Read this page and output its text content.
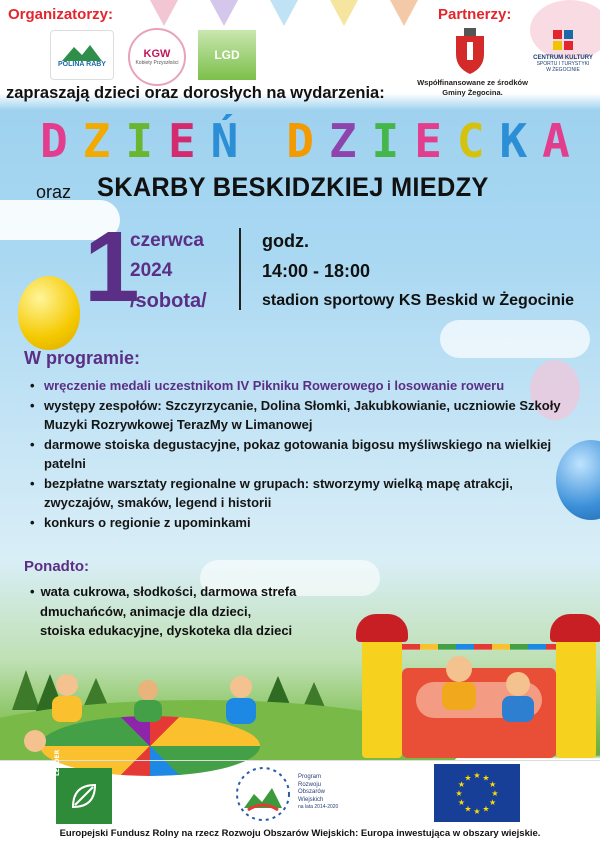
Organizatorzy:
POLINA RABY
KGW
Kobiety Przyszłości
LGD
zapraszają dzieci oraz dorosłych na wydarzenia:
Partnerzy:
Współfinansowane ze środków
Gminy Żegocina.
CENTRUM KULTURY
SPORTU I TURYSTYKI
W ŻEGOCINIE
D Z I E Ń
D Z I E C K A
oraz SKARBY BESKIDZKIEJ MIEDZY
1
czerwca
2024
/sobota/
godz.
14:00 - 18:00
stadion sportowy KS Beskid w Żegocinie
W programie:
• wręczenie medali uczestnikom IV Pikniku Rowerowego i losowanie roweru
• występy zespołów: Szczyrzycanie, Dolina Słomki, Jakubkowianie, uczniowie Szkoły Muzyki Rozrywkowej TerazMy w Limanowej
• darmowe stoiska degustacyjne, pokaz gotowania bigosu myśliwskiego na wielkiej patelni
• bezpłatne warsztaty regionalne w grupach: stworzymy wielką mapę atrakcji, zwyczajów, smaków, legend i historii
• konkurs o regionie z upominkami
Ponadto:
• wata cukrowa, słodkości, darmowa strefa
dmuchańców, animacje dla dzieci,
stoiska edukacyjne, dyskoteka dla dzieci
LEADER
Program
Rozwoju
Obszarów
Wiejskich
na lata 2014-2020
★
★
★
★
★
★
★
★
★ ★ ★
★
Europejski Fundusz Rolny na rzecz Rozwoju Obszarów Wiejskich: Europa inwestująca w obszary wiejskie.
